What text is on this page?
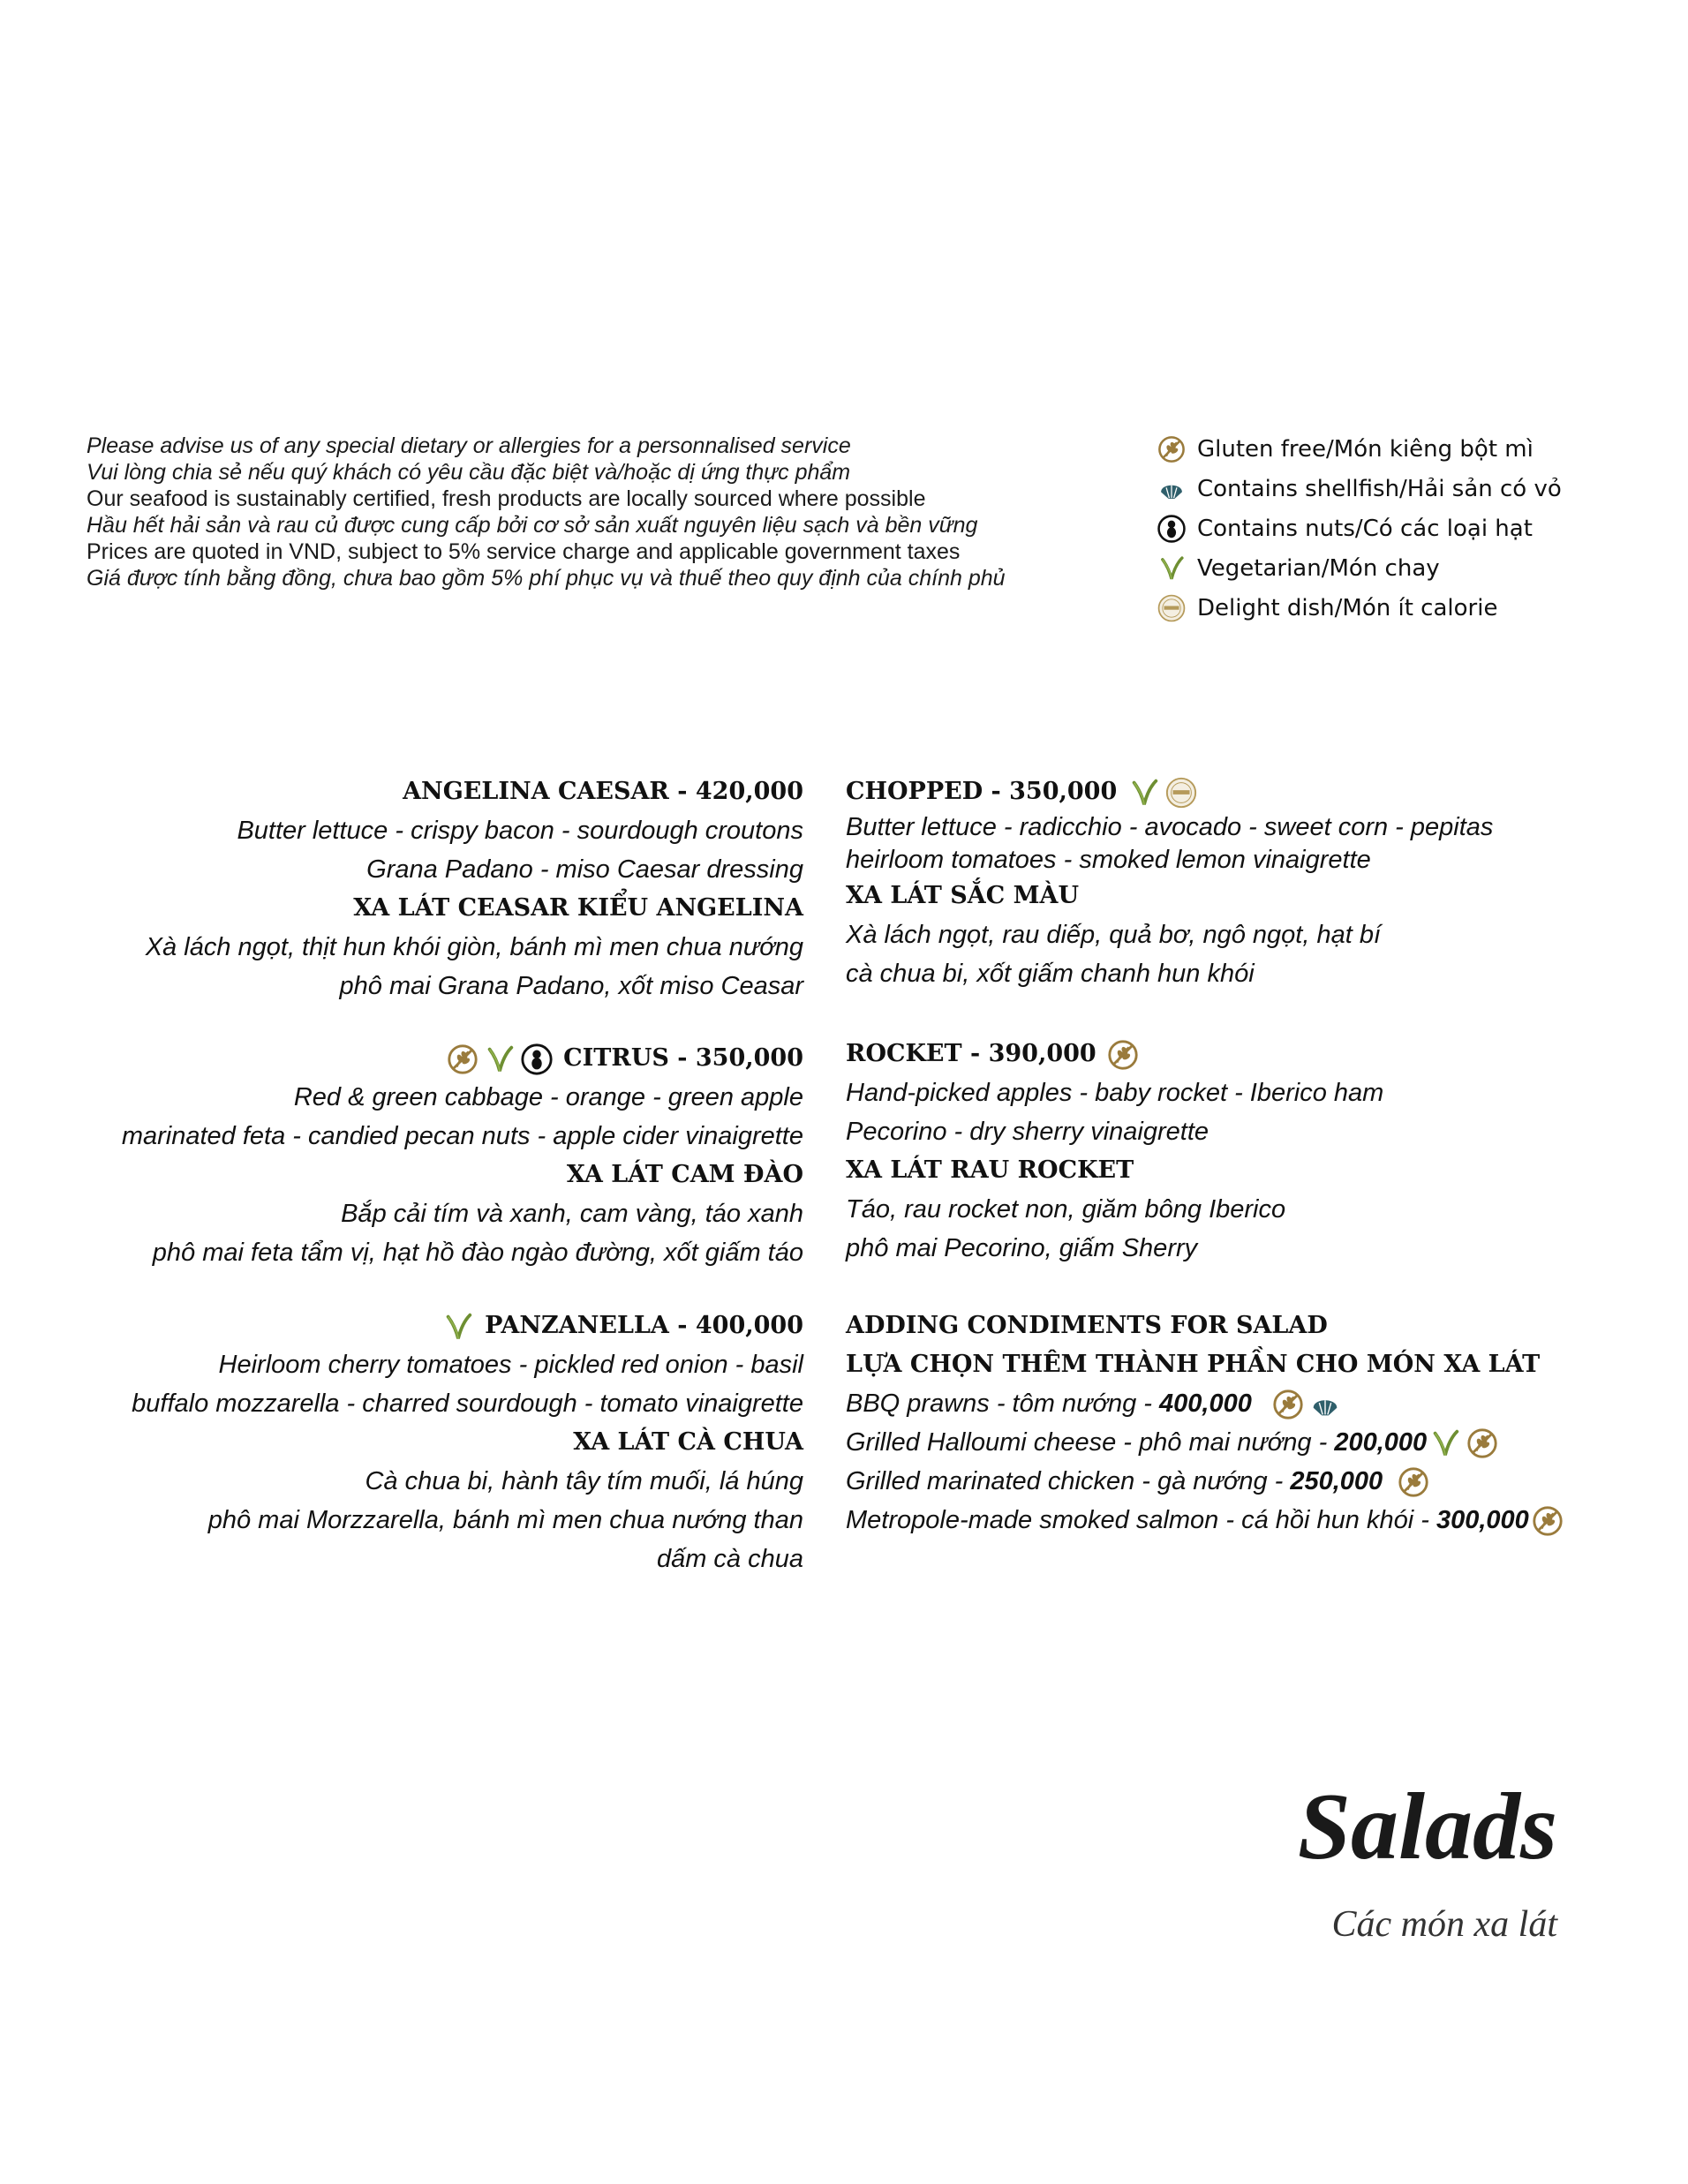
Please advise us of any special dietary or allergies for a personnalised service
Vui lòng chia sẻ nếu quý khách có yêu cầu đặc biệt và/hoặc dị ứng thực phẩm
Our seafood is sustainably certified, fresh products are locally sourced where possible
Hầu hết hải sản và rau củ được cung cấp bởi cơ sở sản xuất nguyên liệu sạch và bền vững
Prices are quoted in VND, subject to 5% service charge and applicable government taxes
Giá được tính bằng đồng, chưa bao gồm 5% phí phục vụ và thuế theo quy định của chính phủ
Gluten free/Món kiêng bột mì
Contains shellfish/Hải sản có vỏ
Contains nuts/Có các loại hạt
Vegetarian/Món chay
Delight dish/Món ít calorie
ANGELINA CAESAR - 420,000
Butter lettuce - crispy bacon - sourdough croutons
Grana Padano - miso Caesar dressing
XA LÁT CEASAR KIỂU ANGELINA
Xà lách ngọt, thịt hun khói giòn, bánh mì men chua nướng
phô mai Grana Padano, xốt miso Ceasar
CITRUS - 350,000
Red & green cabbage - orange - green apple
marinated feta - candied pecan nuts - apple cider vinaigrette
XA LÁT CAM ĐÀO
Bắp cải tím và xanh, cam vàng, táo xanh
phô mai feta tẩm vị, hạt hồ đào ngào đường, xốt giấm táo
PANZANELLA - 400,000
Heirloom cherry tomatoes - pickled red onion - basil
buffalo mozzarella - charred sourdough - tomato vinaigrette
XA LÁT CÀ CHUA
Cà chua bi, hành tây tím muối, lá húng
phô mai Morzzarella, bánh mì men chua nướng than
dấm cà chua
CHOPPED - 350,000
Butter lettuce - radicchio - avocado - sweet corn - pepitas
heirloom tomatoes - smoked lemon vinaigrette
XA LÁT SẮC MÀU
Xà lách ngọt, rau diếp, quả bơ, ngô ngọt, hạt bí
cà chua bi, xốt giấm chanh hun khói
ROCKET - 390,000
Hand-picked apples - baby rocket - Iberico ham
Pecorino - dry sherry vinaigrette
XA LÁT RAU ROCKET
Táo, rau rocket non, giăm bông Iberico
phô mai Pecorino, giấm Sherry
ADDING CONDIMENTS FOR SALAD
LỰA CHỌN THÊM THÀNH PHẦN CHO MÓN XA LÁT
BBQ prawns - tôm nướng - 400,000
Grilled Halloumi cheese - phô mai nướng - 200,000
Grilled marinated chicken - gà nướng - 250,000
Metropole-made smoked salmon - cá hồi hun khói - 300,000
Salads
Các món xa lát
